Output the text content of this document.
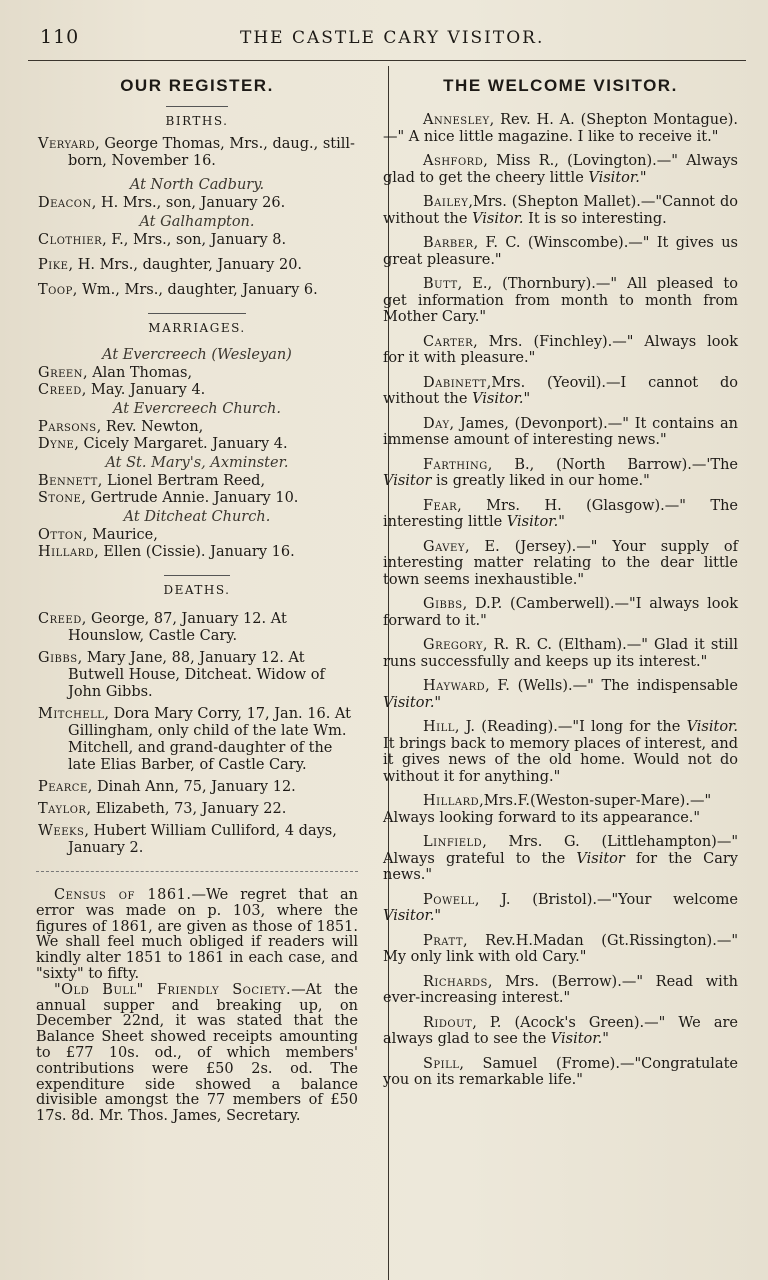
110	THE CASTLE CARY VISITOR.
OUR REGISTER.
BIRTHS.

Veryard, George Thomas, Mrs., daug., still-born, November 16.

At North Cadbury.

Deacon, H. Mrs., son, January 26.

At Galhampton.

Clothier, F., Mrs., son, January 8.

Pike, H. Mrs., daughter, January 20.

Toop, Wm., Mrs., daughter, January 6.

MARRIAGES.
At Evercreech (Wesleyan)

Green, Alan Thomas,

Creed, May. January 4.

At Evercreech Church.

Parsons, Rev. Newton,

Dyne, Cicely Margaret. January 4.

At St. Mary's, Axminster.

Bennett, Lionel Bertram Reed,

Stone, Gertrude Annie. January 10.

At Ditcheat Church.

Otton, Maurice,

Hillard, Ellen (Cissie). January 16.

DEATHS.

Creed, George, 87, January 12. At Hounslow, Castle Cary.

Gibbs, Mary Jane, 88, January 12. At Butwell House, Ditcheat. Widow of John Gibbs.

Mitchell, Dora Mary Corry, 17, Jan. 16. At Gillingham, only child of the late Wm. Mitchell, and grand-daughter of the late Elias Barber, of Castle Cary.

Pearce, Dinah Ann, 75, January 12.

Taylor, Elizabeth, 73, January 22.

Weeks, Hubert William Culliford, 4 days, January 2.

Census of 1861.—We regret that an error was made on p. 103, where the figures of 1861, are given as those of 1851. We shall feel much obliged if readers will kindly alter 1851 to 1861 in each case, and "sixty" to fifty.

"Old Bull" Friendly Society.—At the annual supper and breaking up, on December 22nd, it was stated that the Balance Sheet showed receipts amounting to £77 10s. od., of which members' contributions were £50 2s. od. The expenditure side showed a balance divisible amongst the 77 members of £50 17s. 8d. Mr. Thos. James, Secretary.

THE WELCOME VISITOR.

Annesley, Rev. H. A. (Shepton Montague).—" A nice little magazine. I like to receive it."

Ashford, Miss R., (Lovington).—" Always glad to get the cheery little Visitor."

Bailey,Mrs. (Shepton Mallet).—"Cannot do without the Visitor. It is so interesting.

Barber, F. C. (Winscombe).—" It gives us great pleasure."

Butt, E., (Thornbury).—" All pleased to get information from month to month from Mother Cary."

Carter, Mrs. (Finchley).—" Always look for it with pleasure."

Dabinett,Mrs. (Yeovil).—I cannot do without the Visitor."

Day, James, (Devonport).—" It contains an immense amount of interesting news."

Farthing, B., (North Barrow).—'The Visitor is greatly liked in our home."

Fear, Mrs. H. (Glasgow).—" The interesting little Visitor."

Gavey, E. (Jersey).—" Your supply of interesting matter relating to the dear little town seems inexhaustible."

Gibbs, D.P. (Camberwell).—"I always look forward to it."

Gregory, R. R. C. (Eltham).—" Glad it still runs successfully and keeps up its interest."

Hayward, F. (Wells).—" The indispensable Visitor."

Hill, J. (Reading).—"I long for the Visitor. It brings back to memory places of interest, and it gives news of the old home. Would not do without it for anything."

Hillard,Mrs.F.(Weston-super-Mare).—" Always looking forward to its appearance."

Linfield, Mrs. G. (Littlehampton)—" Always grateful to the Visitor for the Cary news."

Powell, J. (Bristol).—"Your welcome Visitor."

Pratt, Rev.H.Madan (Gt.Rissington).—" My only link with old Cary."

Richards, Mrs. (Berrow).—" Read with ever-increasing interest."

Ridout, P. (Acock's Green).—" We are always glad to see the Visitor."

Spill, Samuel (Frome).—"Congratulate you on its remarkable life."
